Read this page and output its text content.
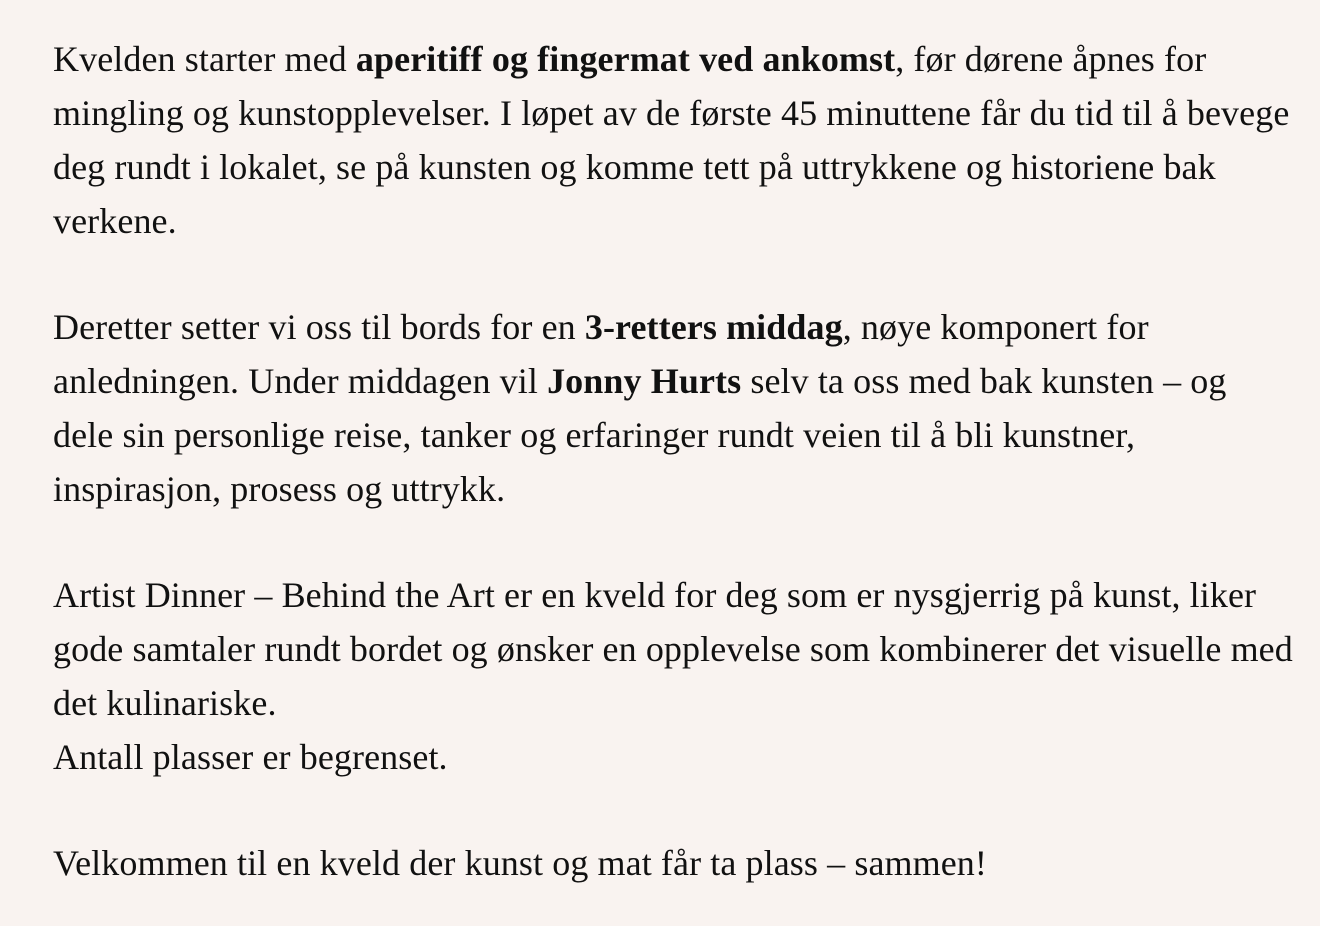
Kvelden starter med aperitiff og fingermat ved ankomst, før dørene åpnes for mingling og kunstopplevelser. I løpet av de første 45 minuttene får du tid til å bevege deg rundt i lokalet, se på kunsten og komme tett på uttrykkene og historiene bak verkene.

Deretter setter vi oss til bords for en 3-retters middag, nøye komponert for anledningen. Under middagen vil Jonny Hurts selv ta oss med bak kunsten – og dele sin personlige reise, tanker og erfaringer rundt veien til å bli kunstner, inspirasjon, prosess og uttrykk.

Artist Dinner – Behind the Art er en kveld for deg som er nysgjerrig på kunst, liker gode samtaler rundt bordet og ønsker en opplevelse som kombinerer det visuelle med det kulinariske.
Antall plasser er begrenset.

Velkommen til en kveld der kunst og mat får ta plass – sammen!
